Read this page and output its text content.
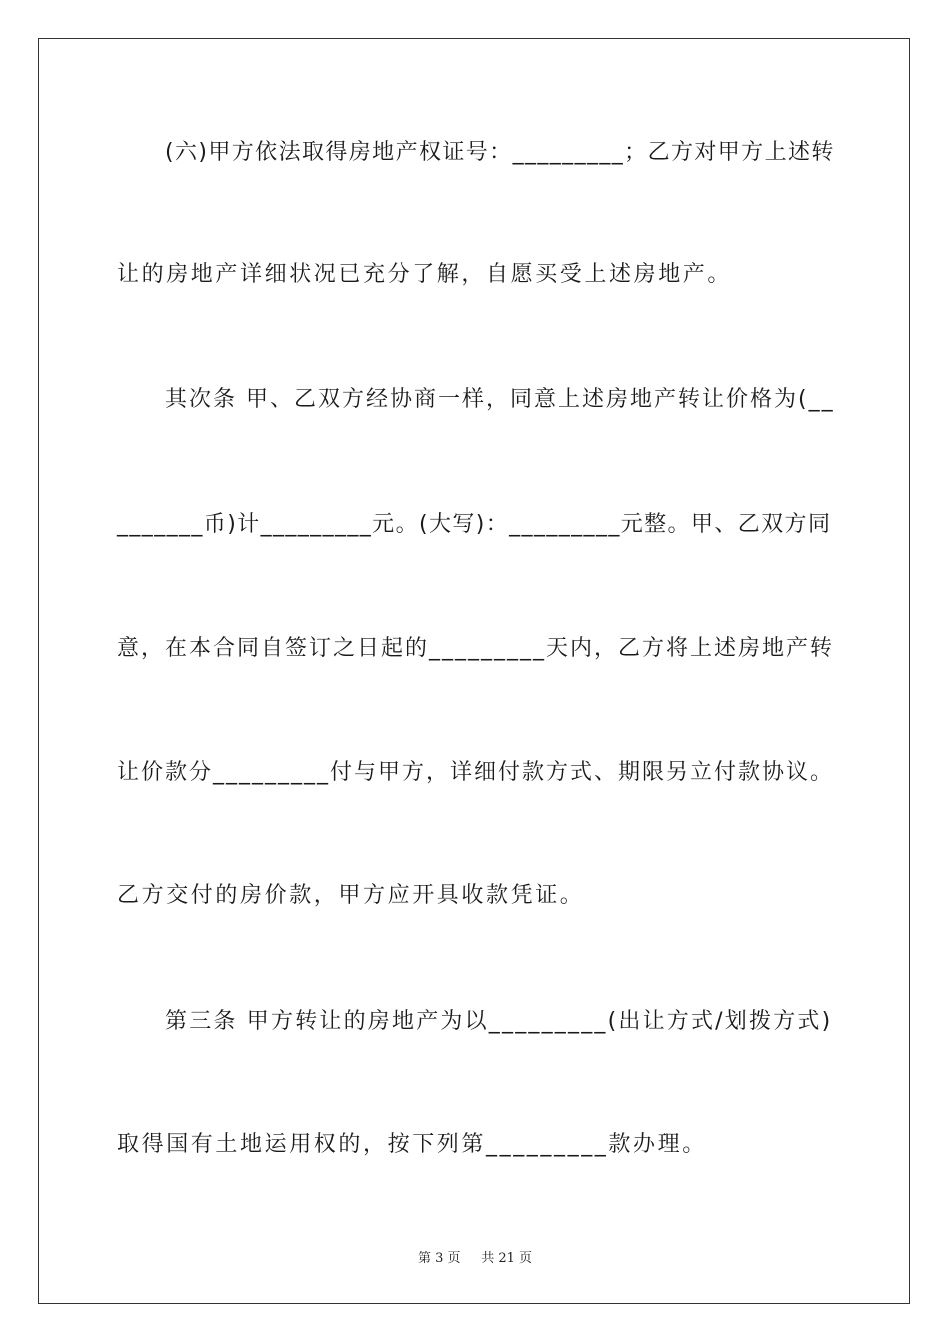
(六)甲方依法取得房地产权证号：_________；乙方对甲方上述转
让的房地产详细状况已充分了解，自愿买受上述房地产。
其次条 甲、乙双方经协商一样，同意上述房地产转让价格为(__
_______币)计_________元。(大写)：_________元整。甲、乙双方同
意，在本合同自签订之日起的_________天内，乙方将上述房地产转
让价款分_________付与甲方，详细付款方式、期限另立付款协议。
乙方交付的房价款，甲方应开具收款凭证。
第三条 甲方转让的房地产为以_________(出让方式/划拨方式)
取得国有土地运用权的，按下列第_________款办理。
第 3 页 共 21 页
